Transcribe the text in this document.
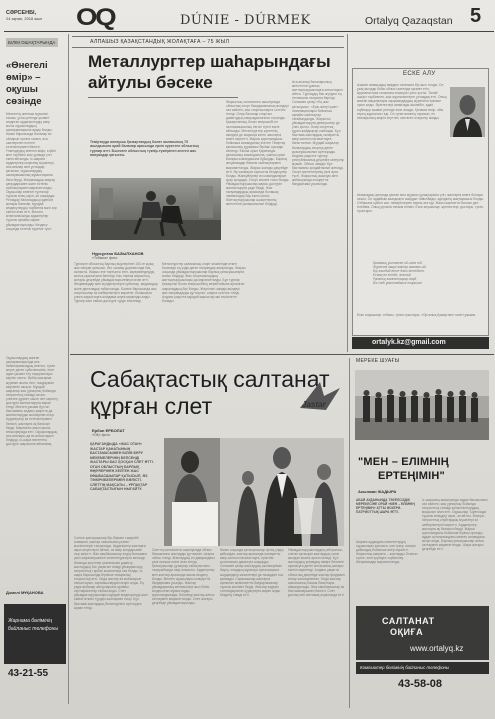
СӘРСЕНБІ,
24 ақпан, 2016 жыл	OQ	DÚNIE - DÚRMEK	Ortalyq Qazaqstan 5
БІЛІМ ОШАҚТАРЫНДА
«Өнегелі өмір» – оқушы сөзінде
Мектептің жетекші мұғалімі, ғалым, ұстаз ретінде қызмет атқарған ардагерлердің өмір жолы оқушылардың шығармаларына арқау болды. Жиын барысында балалар өз ойларын ортаға салып, ата-әжелерінен естіген естеліктерімен бөлісті. Үлкендердің өнегелі өмірі, еңбегі мен тәрбиесі жас ұрпаққа үлгі екені айтылды. Іс-шараға ардагерлер кеңесінің мүшелері, ата-аналар мен ұстаздар қатысып, оқушылардың шығармашылық жұмыстарына баға берді. Жеңімпаздар мақтау қағаздарымен және естелік сыйлықтармен марапатталды. Оқушылар өнегелі тұлғалар туралы өлең оқып, ән шырқады. Ұстаздар балалардың ізденісін жоғары бағалап, мұндай кездесулердің тәрбиелік мәні зор екенін атап өтті. Мектеп кітапханасында ардагерлер туралы арнайы көрме ұйымдастырылды. Кездесу соңында естелік суретке түсті.
Оқушылардың жазған шығармаларында ата-бабаларымыздың өнегесі, туған жерге деген сүйіспеншілік, елге адал қызмет ету тақырыптары көрініс тапты. Әрбір шығарма жүрекке жылы тиіп, тыңдарман көңілінен шықты. Мұндай шаралар жас ұрпақтың бойында патриоттық сезімді оятып, үлкенге құрмет, кішіге ізет көрсету дәстүрін жалғастыруға ықпал етеді. Мектеп ұжымы бұл игі бастаманы алдағы уақытта да жалғастыруды жоспарлап отыр. Ардагерлер өз естеліктерімен бөлісіп, жастарға ақ батасын берді. Мерекелік жиын жылы атмосферада өтті. Оқушылардың ата-аналары да өз алғыстарын білдірді. Іс-шара мектептің дәстүрлі шарасына айналмақ.
Дәмелі МҰҚАНОВА
Жарнама бөлімінің
байланыс телефоны
43-21-55
АЛПАШЫЗ ҚАЗАҚСТАНДЫҚ ЖОЛАҚТАҒА – 75 ЖЫЛ
Металлургтер шаһарындағы
айтулы бәсеке
Теміртауда алпауыш Қазақстандық болат жолағының 75 жылдығына орай балалар арасында еркін күрестен облыстық турнир өтті. Бәсекеге облыстың түкпір-түкпірінен келген жас палуандар қатысты.
Нұрсұлтан БАЗЫЛХАНОВ
«Тобына» фото
Турнирге облыстың барлық өңірлерінен 150-ге жуық жас палуан қатысып, бес салмақ дәрежесінде бақ сынасты. Жарыс өте тартысты өтіп, көрермендердің ыстық ықыласына бөленді. Бас төреші жарыстың жоғары деңгейде ұйымдастырылғанын атап өтті. Жеңімпаздар мен жүлдегерлерге кубоктар, медальдар және дипломдар табысталды. Бәсеке барысында жас спортшылар өз шеберліктерін көрсетіп, болашақта үлкен жарыстарға жолдама алуға мүмкіндік алды. Турнир жыл сайын дәстүрлі түрде өткізіледі.
Металлургтер қаласының спорт кешенінде өткен бәсекеде ең үздік деген палуандар анықталды. Жарыс соңында ұйымдастырушылар барлық қатысушыларға алғыс білдірді. Жас спортшылардың жаттықтырушылары да марапатталды. Бұл турнир Қазақстан болат өнеркәсібінің мерейтойына арналған шаралардың бірі болды. Жергілікті әкімдік өкілдері жас палуандарды құттықтап, оларға сәттілік тіледі. Алдағы уақытта мұндай жарыстар жиі өткізілетін болады.
Жарыстың салтанатты ашылуында облыстық спорт басқармасының өкілдері сөз сөйлеп, жас спортшыларға сәттілік тіледі. Олар балалар спортын дамытудың маңыздылығына тоқталды. Қазақстанның болат өнеркәсібі ел экономикасының негізгі тірегі екені айтылды. Металлургтер әулетінің өкілдері де жарысқа келіп, жастарға өнеге көрсетті. Жарыс қорытындысы бойынша командалық есепте Теміртау қаласының құрамасы бірінші орынды иеленді. Екінші орын Қарағанды қаласының командасына, үшінші орын Балқаш командасына бұйырды. Барлық жеңімпаздар бағалы сыйлықтармен марапатталды. Жарыс жоғары деңгейде өтті. Әр салмақта тартысты белдесулер болды. Жанкүйерлер өз командаларын қызу қолдады. Спорт кешені толы болды. Ұйымдастырушылар жарыс дәстүрін жалғастыруға уәде берді. Жас палуандардың арасында болашақ чемпиондар бар екені сөзсіз. Жаттықтырушылар шәкірттерінің жетістігіне ризашылығын білдірді.
Ата-аналар балаларының жетістігіне қуанып, жаттықтырушыларға алғыстарын айтты. Турнирдің бас жүлдесі ең техникалы палуанға берілді. Сонымен қатар «Ең жас қатысушы», «Ерік-жігері үшін» номинациялары бойынша арнайы сыйлықтар тағайындалды. Жарысты ұйымдастыруға демеушілер де үлес қосты. Олар спорттық құрал-жабдықтар сыйлады. Бұл бастама жастардың салауатты өмір салтын насихаттауға бағытталған. Мұндай шаралар балалардың спортқа деген қызығушылығын арттырады. Алдағы уақытта турнир республикалық деңгейге көтерілуі мүмкін. Облыс әкімдігі бұл бастаманы қолдайтынын жеткізді. Спорт мектептерінің рөлі арта түсті. Жарыстың ашылуы мен жабылуында концерттік бағдарлама ұсынылды.
ЕСКЕ АЛУ
Азамат ағамыздың өмірден озғанына бір жыл толды. Ол ұзақ жылдар бойы облыс газетінде қызмет етіп, журналистика саласына өлшеусіз үлес қосты. Талай шәкірт тәрбиелеп, жас журналистерге ұстаздық етті. Оның жазған мақалалары оқырмандардың жүрегінен ерекше орын алды. Әріптестері ағамызды кішіпейіл, адал, еңбекқор азамат ретінде еске алады. Қаламы өткір, ойы терең журналист еді. Ол туған өлкенің тарихын, ел ағаларының өмірін зерттеп, көптеген очерктер жазды.
Ағамыздың артында қалған мол мұрасы ұрпақтарына үлгі, жастарға өнеге болары сөзсіз. Ол әрдайым шындықты жазудан тайынбады, әділдіктің жақтаушысы болды. Отбасына сүйікті әке, немерелеріне аяулы ата еді. Жаны жәннатта болсын деп тілейміз. Оның рухына тағзым етеміз. Еске алушылар: әріптестері, достары, туған-туыстары.
Қаламың ұшталған ой-сана ғой,
Жүректе мәңгі жатар аманат-ай.
Бір жылдай өтсе дағы өтпейтін,
Есімің ел есінде, ағатай.
Ұрпағың жалғастырар ізіңді,
Біз сізді ұмытпаймыз ешқашан.
Еске алушылар: отбасы, туған-туыстары, «Орталық Қазақстан» газеті ұжымы.
ortalyk.kz@gmail.com
Сабақтастық салтанат
құрған слет	Jastar
Ербол ЕРБОЛАТ
«ОҚ» фото
ҚАРАҒАНДЫДА «ЖАС ОТАН» ЖАСТАР ҚАНАТЫНЫҢ БАСТАМАСЫМЕН БІЛІМ БЕРУ МЕКЕМЕЛЕРІНІҢ БЕЛСЕНДІ ЖАСТАРЫ БАС ҚОСҚАН СЛЕТ ӨТТІ. ОҒАН ОБЛЫСТЫҢ БАРЛЫҚ ӨҢІРЛЕРІНЕН КЕЛГЕН ЖАС КӨШБАСШЫЛАР ҚАТЫСЫП, ӨЗ ТӘЖІРИБЕЛЕРІМЕН БӨЛІСТІ. СЛЕТТІҢ МАҚСАТЫ – ҰРПАҚТАР САБАҚТАСТЫҒЫН НЫҒАЙТУ.
Слетке қатысушылар бір-бірімен тәжірибе алмасып, жастар саясатының өзекті мәселелерін талқылады. Ардагерлер жастарға ақыл-кеңестерін айтып, өз өмір жолдарынан сыр шертті. Жас көшбасшылар елдің болашағы үшін жауапкершілікті сезінетіндіктерін жеткізді. Жиында еріктілер қозғалысын дамыту, жастардың бос уақытын тиімді ұйымдастыру, патриоттық тәрбие мәселелері сөз болды. Іс-шара барысында бірнеше секциялық отырыстар өтті. Онда жастар өз жобаларын таныстырып, сарапшылардан кеңес алды. Ең үздік жобалар авторларына арнайы сертификаттар табысталды. Слет ұйымдастырушылары мұндай кездесулерді жыл сайын өткізіп тұруды жоспарлап отыр. Бұл бастама жастардың белсенділігін арттыруға ықпал етеді.
Слеттің салтанатты ашылуында облыс басшылығы жастарды құттықтап, оларға табыс тіледі. Жастардың ел дамуындағы рөлі ерекше екені атап өтілді. Қатысушылар ұрпақтар сабақтастығы тақырыбында пікір алмасты. Ардагерлер мен жастар арасында жылы кездесу болды. Мектеп оқушылары концерттік бағдарлама ұсынды. Жастар ұйымдарының жетекшілері жыл бойы атқарылған жұмыстарды қорытындылады. Белсенді жастар алғыс хаттармен марапатталды. Слет жоғары деңгейде ұйымдастырылды.
Жиын соңында қатысушылар ортақ үндеу қабылдап, жастар арасында салауатты өмір салтын насихаттауға, еріктілік қозғалысын дамытуға шақырды. Сонымен қатар жастардың кәсіпкерлікке баулу, олардың жұмысқа орналасуына жәрдемдесу мәселелері де назардан тыс қалмады. Сарапшылар жастарға арналған мемлекеттік бағдарламалар туралы мәлімет берді. Жастар өздерін толғандыратын сұрақтарға жауап алды. Кездесу тиімді өтті.
Ұйымдастырушылардың айтуынша, слетке қатысқан жастардың саны жылдан жылға артып келеді. Бұл жастардың қоғамдық өмірге белсене араласуға деген ынтасының жоғары екенін көрсетеді. Алдағы уақытта облыстық деңгейде жастар форумын өткізу жоспарланған. Онда жастар саясатының басым бағыттары айқындалады. Жас көшбасшылар өз бастамаларымен бөлісті. Слет достық пен ынтымақ ахуалында өтті.
МЕРЕКЕ ШУАҒЫ
"МЕН – ЕЛІМНІҢ
ЕРТЕҢІМІН"
Асылжан ЖАДЫРА
АБАЙ АУДАНЫНДА ТӘУЕЛСІЗДІК МЕРЕКЕСІНЕ ОРАЙ «МЕН – ЕЛІМНІҢ ЕРТЕҢІМІН» АТТЫ ӘСКЕРИ-ПАТРИОТТЫҚ ШАРА ӨТТІ.
Шараға аудандағы мектептердің оқушылары қатысып, сап түзеу, әскери дайындық бойынша өнер көрсетті. Жарыстың мақсаты – жастарды Отанын сүюге, елін қорғауға тәрбиелеу. Жеңімпаздар марапатталды.
Іс-шараның ашылуында аудан басшылығы сөз сөйлеп, жас ұрпақтың бойында патриоттық сезімді қалыптастырудың маңызын атап өтті. Оқушылар Тәуелсіздік туралы өлеңдер оқып, ән айтты. Әскери-патриоттық клубтардың мүшелері өз шеберліктерін көрсетті. Ардагерлер жастарға ақ батасын берді. Жарыс қорытындысы бойынша бірінші орынды аудан орталығындағы мектеп командасы жеңіп алды. Барлық қатысушылар алғыс хаттармен марапатталды. Шара жоғары деңгейде өтті.
САЛТАНАТ
ОҚИҒА
www.ortalyq.kz
Компьютер бөлімінің байланыс телефоны
43-58-08
